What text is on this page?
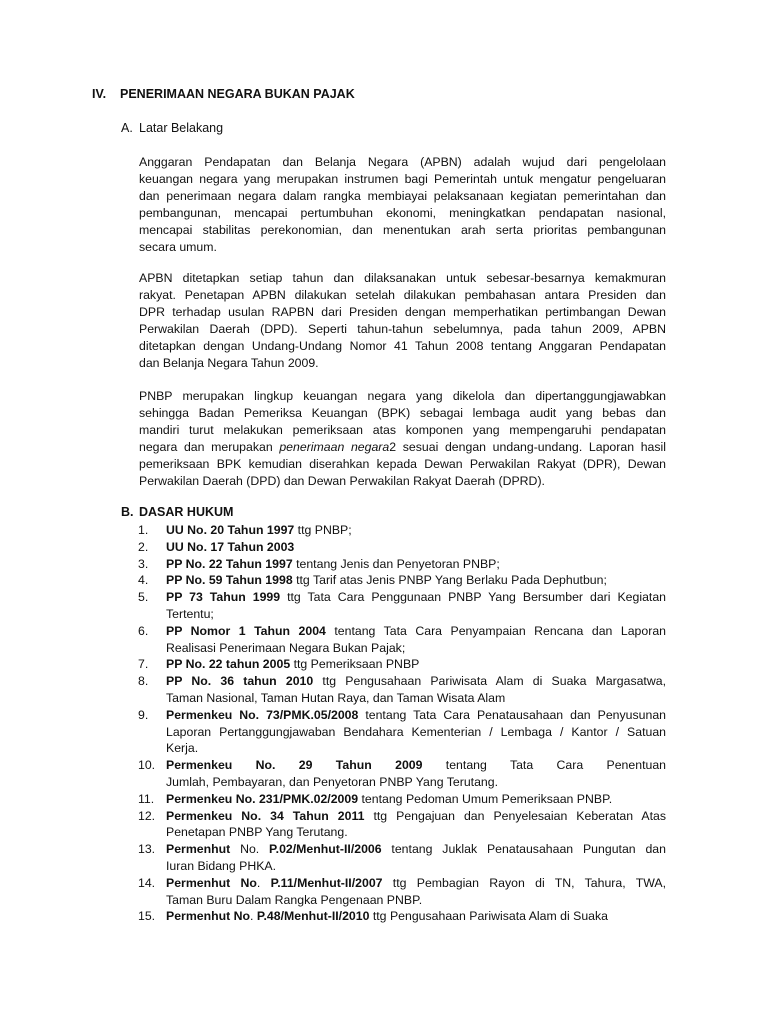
IV. PENERIMAAN NEGARA BUKAN PAJAK
A. Latar Belakang
Anggaran Pendapatan dan Belanja Negara (APBN) adalah wujud dari pengelolaan
keuangan negara yang merupakan instrumen bagi Pemerintah untuk mengatur pengeluaran
dan penerimaan negara dalam rangka membiayai pelaksanaan kegiatan pemerintahan dan
pembangunan, mencapai pertumbuhan ekonomi, meningkatkan pendapatan nasional,
mencapai stabilitas perekonomian, dan menentukan arah serta prioritas pembangunan
secara umum.
APBN ditetapkan setiap tahun dan dilaksanakan untuk sebesar-besarnya kemakmuran
rakyat. Penetapan APBN dilakukan setelah dilakukan pembahasan antara Presiden dan
DPR terhadap usulan RAPBN dari Presiden dengan memperhatikan pertimbangan Dewan
Perwakilan Daerah (DPD). Seperti tahun-tahun sebelumnya, pada tahun 2009, APBN
ditetapkan dengan Undang-Undang Nomor 41 Tahun 2008 tentang Anggaran Pendapatan
dan Belanja Negara Tahun 2009.
PNBP merupakan lingkup keuangan negara yang dikelola dan dipertanggungjawabkan
sehingga Badan Pemeriksa Keuangan (BPK) sebagai lembaga audit yang bebas dan
mandiri turut melakukan pemeriksaan atas komponen yang mempengaruhi pendapatan
negara dan merupakan penerimaan negara2 sesuai dengan undang-undang. Laporan hasil
pemeriksaan BPK kemudian diserahkan kepada Dewan Perwakilan Rakyat (DPR), Dewan
Perwakilan Daerah (DPD) dan Dewan Perwakilan Rakyat Daerah (DPRD).
B. DASAR HUKUM
1.	UU No. 20 Tahun 1997 ttg PNBP;
2.	UU No. 17 Tahun 2003
3.	PP No. 22 Tahun 1997 tentang Jenis dan Penyetoran PNBP;
4.	PP No. 59 Tahun 1998 ttg Tarif atas Jenis PNBP Yang Berlaku Pada Dephutbun;
5.	PP 73 Tahun 1999 ttg Tata Cara Penggunaan PNBP Yang Bersumber dari Kegiatan
Tertentu;
6.	PP Nomor 1 Tahun 2004 tentang Tata Cara Penyampaian Rencana dan Laporan
Realisasi Penerimaan Negara Bukan Pajak;
7.	PP No. 22 tahun 2005 ttg Pemeriksaan PNBP
8.	PP No. 36 tahun 2010 ttg Pengusahaan Pariwisata Alam di Suaka Margasatwa,
Taman Nasional, Taman Hutan Raya, dan Taman Wisata Alam
9.	Permenkeu No. 73/PMK.05/2008 tentang Tata Cara Penatausahaan dan Penyusunan
Laporan Pertanggungjawaban Bendahara Kementerian / Lembaga / Kantor / Satuan
Kerja.
10. Permenkeu No. 29 Tahun 2009 tentang Tata Cara Penentuan
Jumlah, Pembayaran, dan Penyetoran PNBP Yang Terutang.
11. Permenkeu No. 231/PMK.02/2009 tentang Pedoman Umum Pemeriksaan PNBP.
12. Permenkeu No. 34 Tahun 2011 ttg Pengajuan dan Penyelesaian Keberatan Atas
Penetapan PNBP Yang Terutang.
13. Permenhut No. P.02/Menhut-II/2006 tentang Juklak Penatausahaan Pungutan dan
Iuran Bidang PHKA.
14. Permenhut No. P.11/Menhut-II/2007 ttg Pembagian Rayon di TN, Tahura, TWA,
Taman Buru Dalam Rangka Pengenaan PNBP.
15. Permenhut No. P.48/Menhut-II/2010 ttg Pengusahaan Pariwisata Alam di Suaka
